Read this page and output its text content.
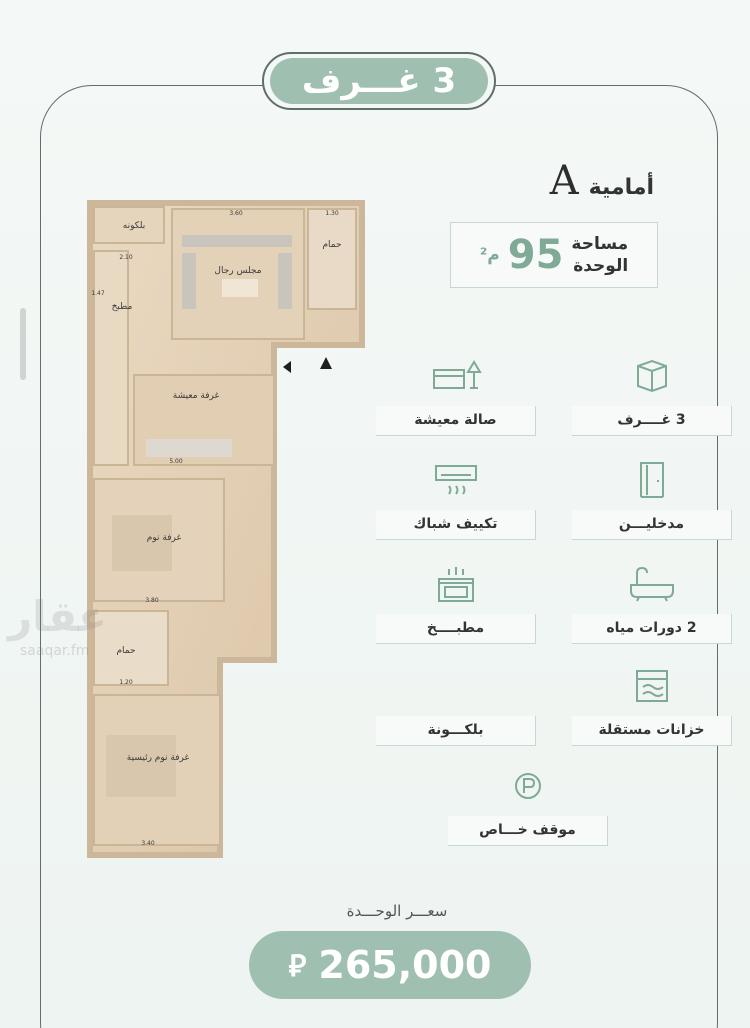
3 غـــرف
أمامية
A
م² 95 مساحة
الوحدة
بلكونه
مجلس رجال
حمام
مطبخ
غرفة معيشة
غرفة نوم
حمام
غرفة نوم رئيسية
3.60	1.30
2.10
1.47
5.00
3.80
1.20
3.40
3 غــــرف
صالة معيشة
مدخليـــن
تكييف شباك
2 دورات مياه
مطبــــخ
خزانات مستقلة
بلكـــونة
موقف خـــاص
عقار
saaqar.fm
سعـــر الوحـــدة
⃁ 265,000
